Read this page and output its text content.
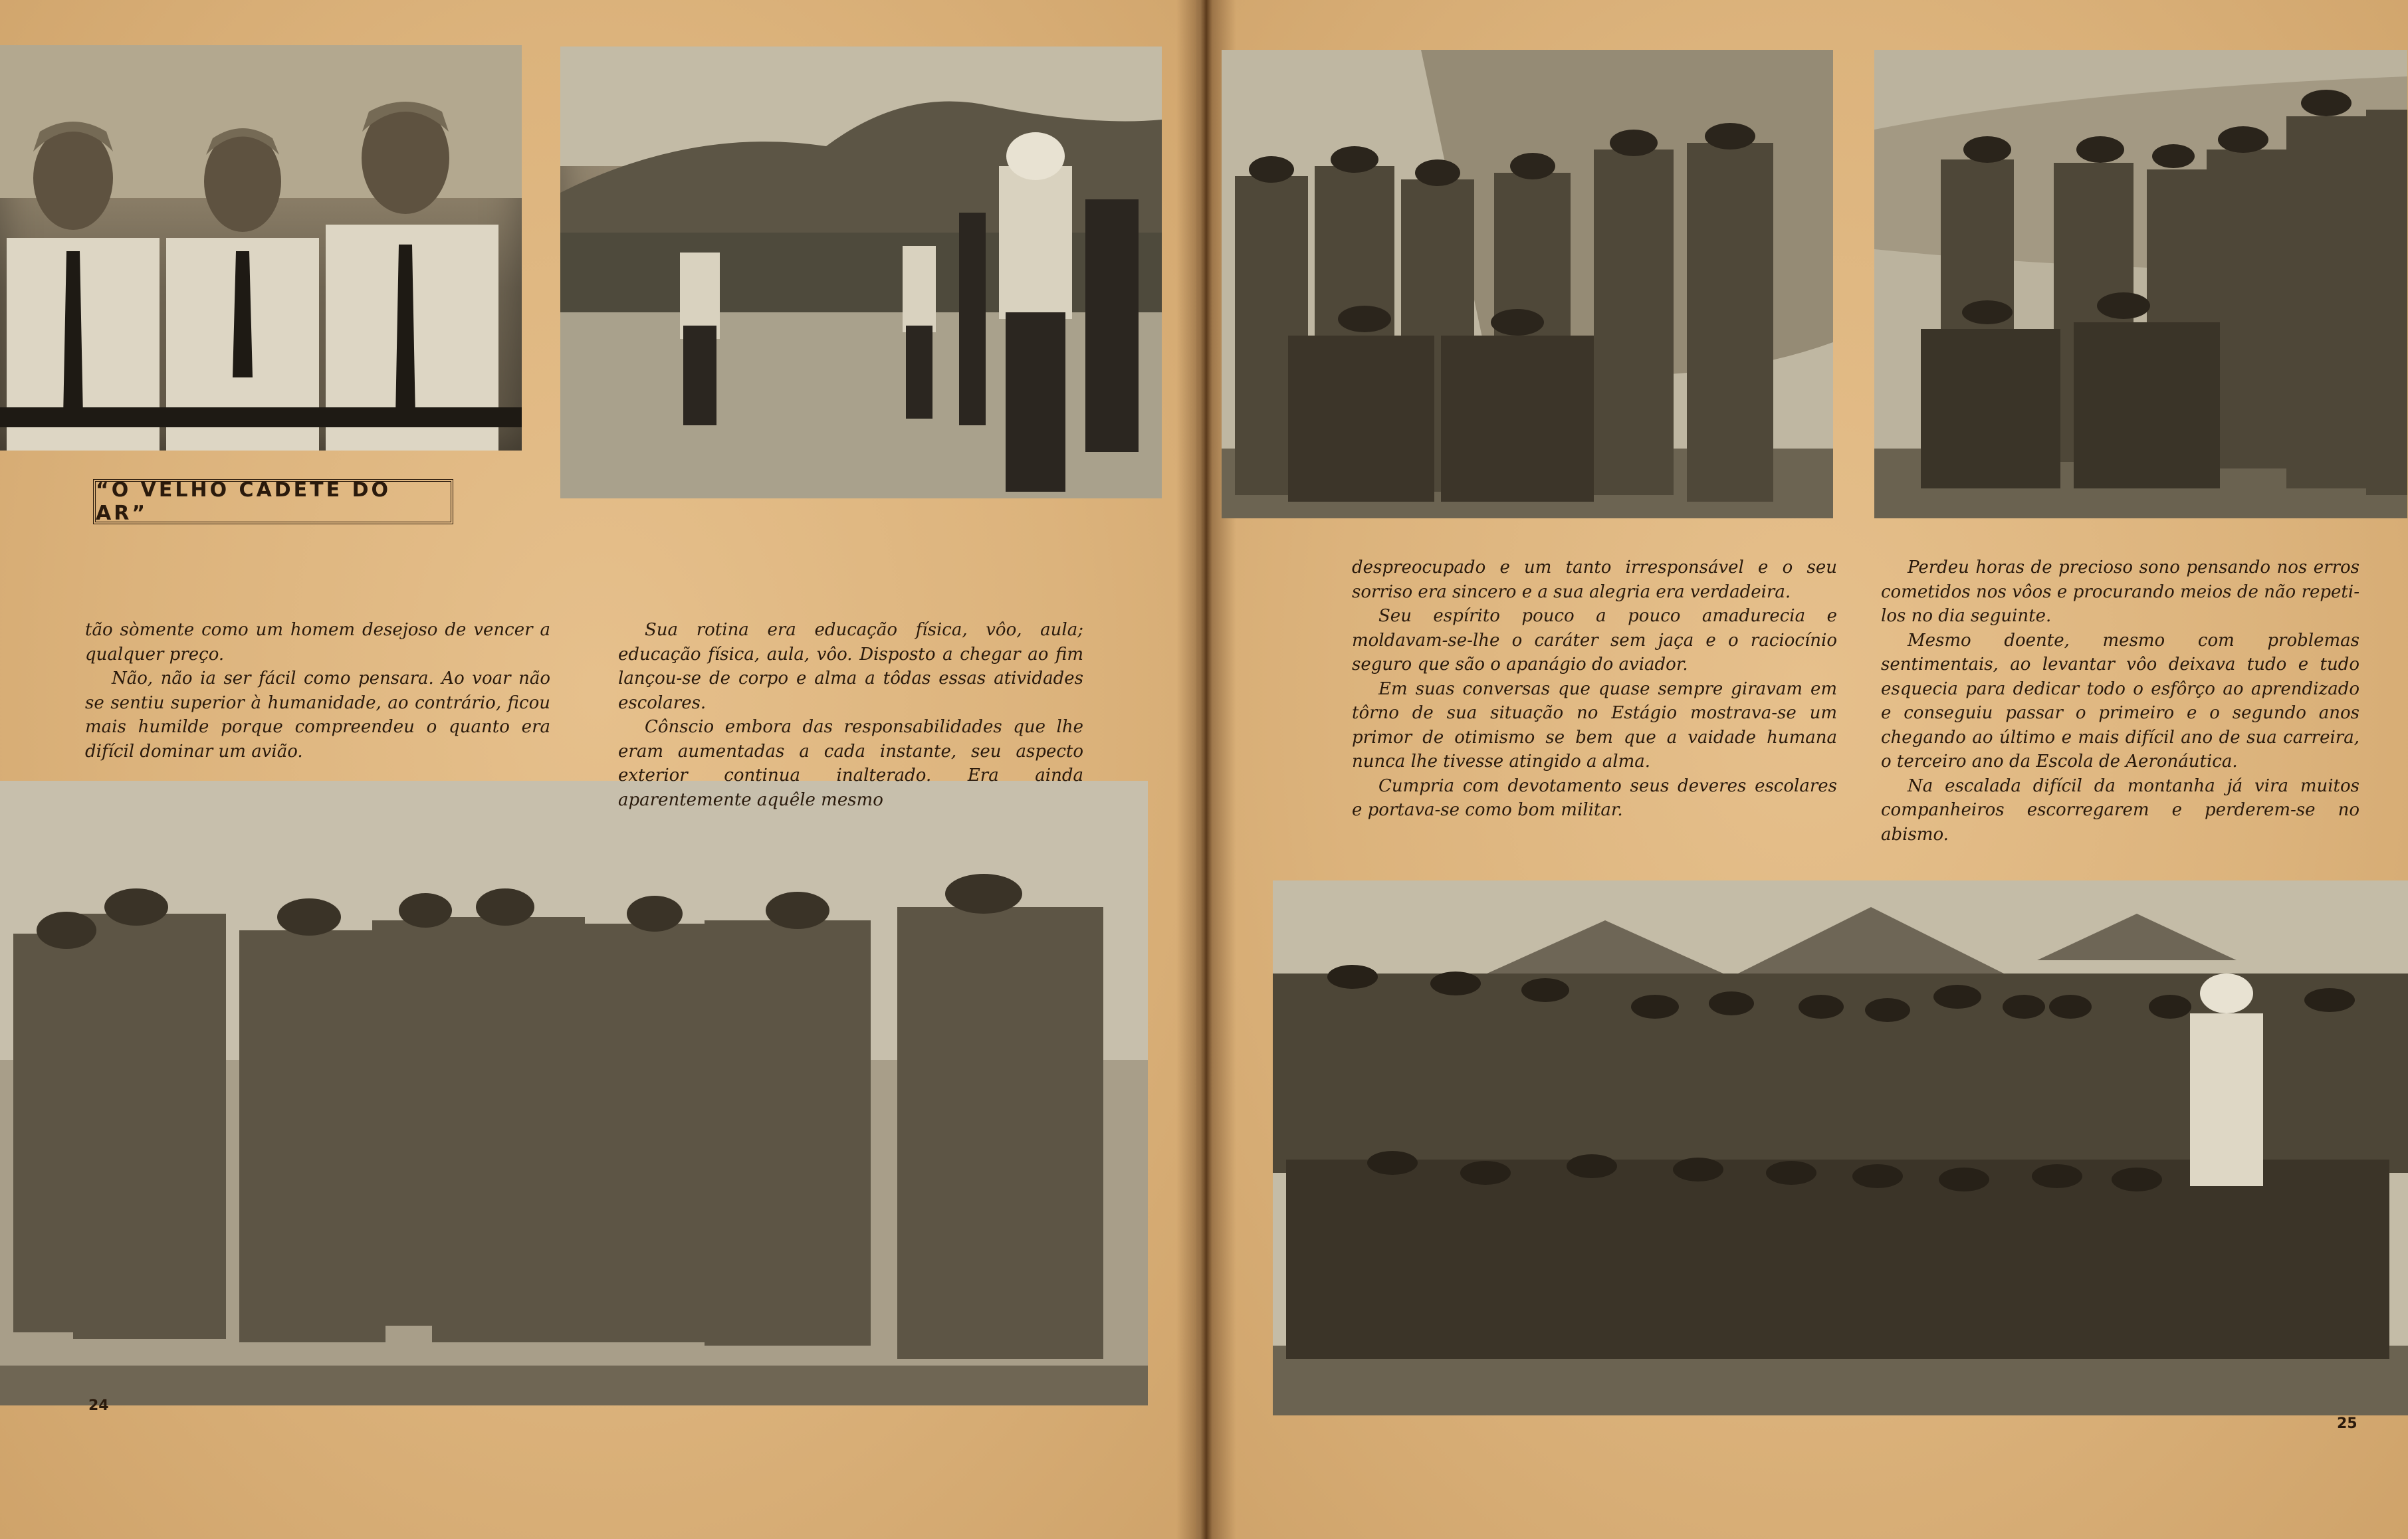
“O VELHO CADETE DO AR”

tão sòmente como um homem desejoso de vencer a qualquer preço.

Não, não ia ser fácil como pensara. Ao voar não se sentiu superior à humanidade, ao contrário, ficou mais humilde porque compreendeu o quanto era difícil dominar um avião.

Sua rotina era educação física, vôo, aula; educação física, aula, vôo. Disposto a chegar ao fim lançou-se de corpo e alma a tôdas essas atividades escolares.

Cônscio embora das responsabilidades que lhe eram aumentadas a cada instante, seu aspecto exterior continua inalterado. Era ainda aparentemente aquêle mesmo

24

despreocupado e um tanto irresponsável e o seu sorriso era sincero e a sua alegria era verdadeira.

Seu espírito pouco a pouco amadurecia e moldavam-se-lhe o caráter sem jaça e o raciocínio seguro que são o apanágio do aviador.

Em suas conversas que quase sempre giravam em tôrno de sua situação no Estágio mostrava-se um primor de otimismo se bem que a vaidade humana nunca lhe tivesse atingido a alma.

Cumpria com devotamento seus deveres escolares e portava-se como bom militar.

Perdeu horas de precioso sono pensando nos erros cometidos nos vôos e procurando meios de não repeti-los no dia seguinte.

Mesmo doente, mesmo com problemas sentimentais, ao levantar vôo deixava tudo e tudo esquecia para dedicar todo o esfôrço ao aprendizado e conseguiu passar o primeiro e o segundo anos chegando ao último e mais difícil ano de sua carreira, o terceiro ano da Escola de Aeronáutica.

Na escalada difícil da montanha já vira muitos companheiros escorregarem e perderem-se no abismo.

25
